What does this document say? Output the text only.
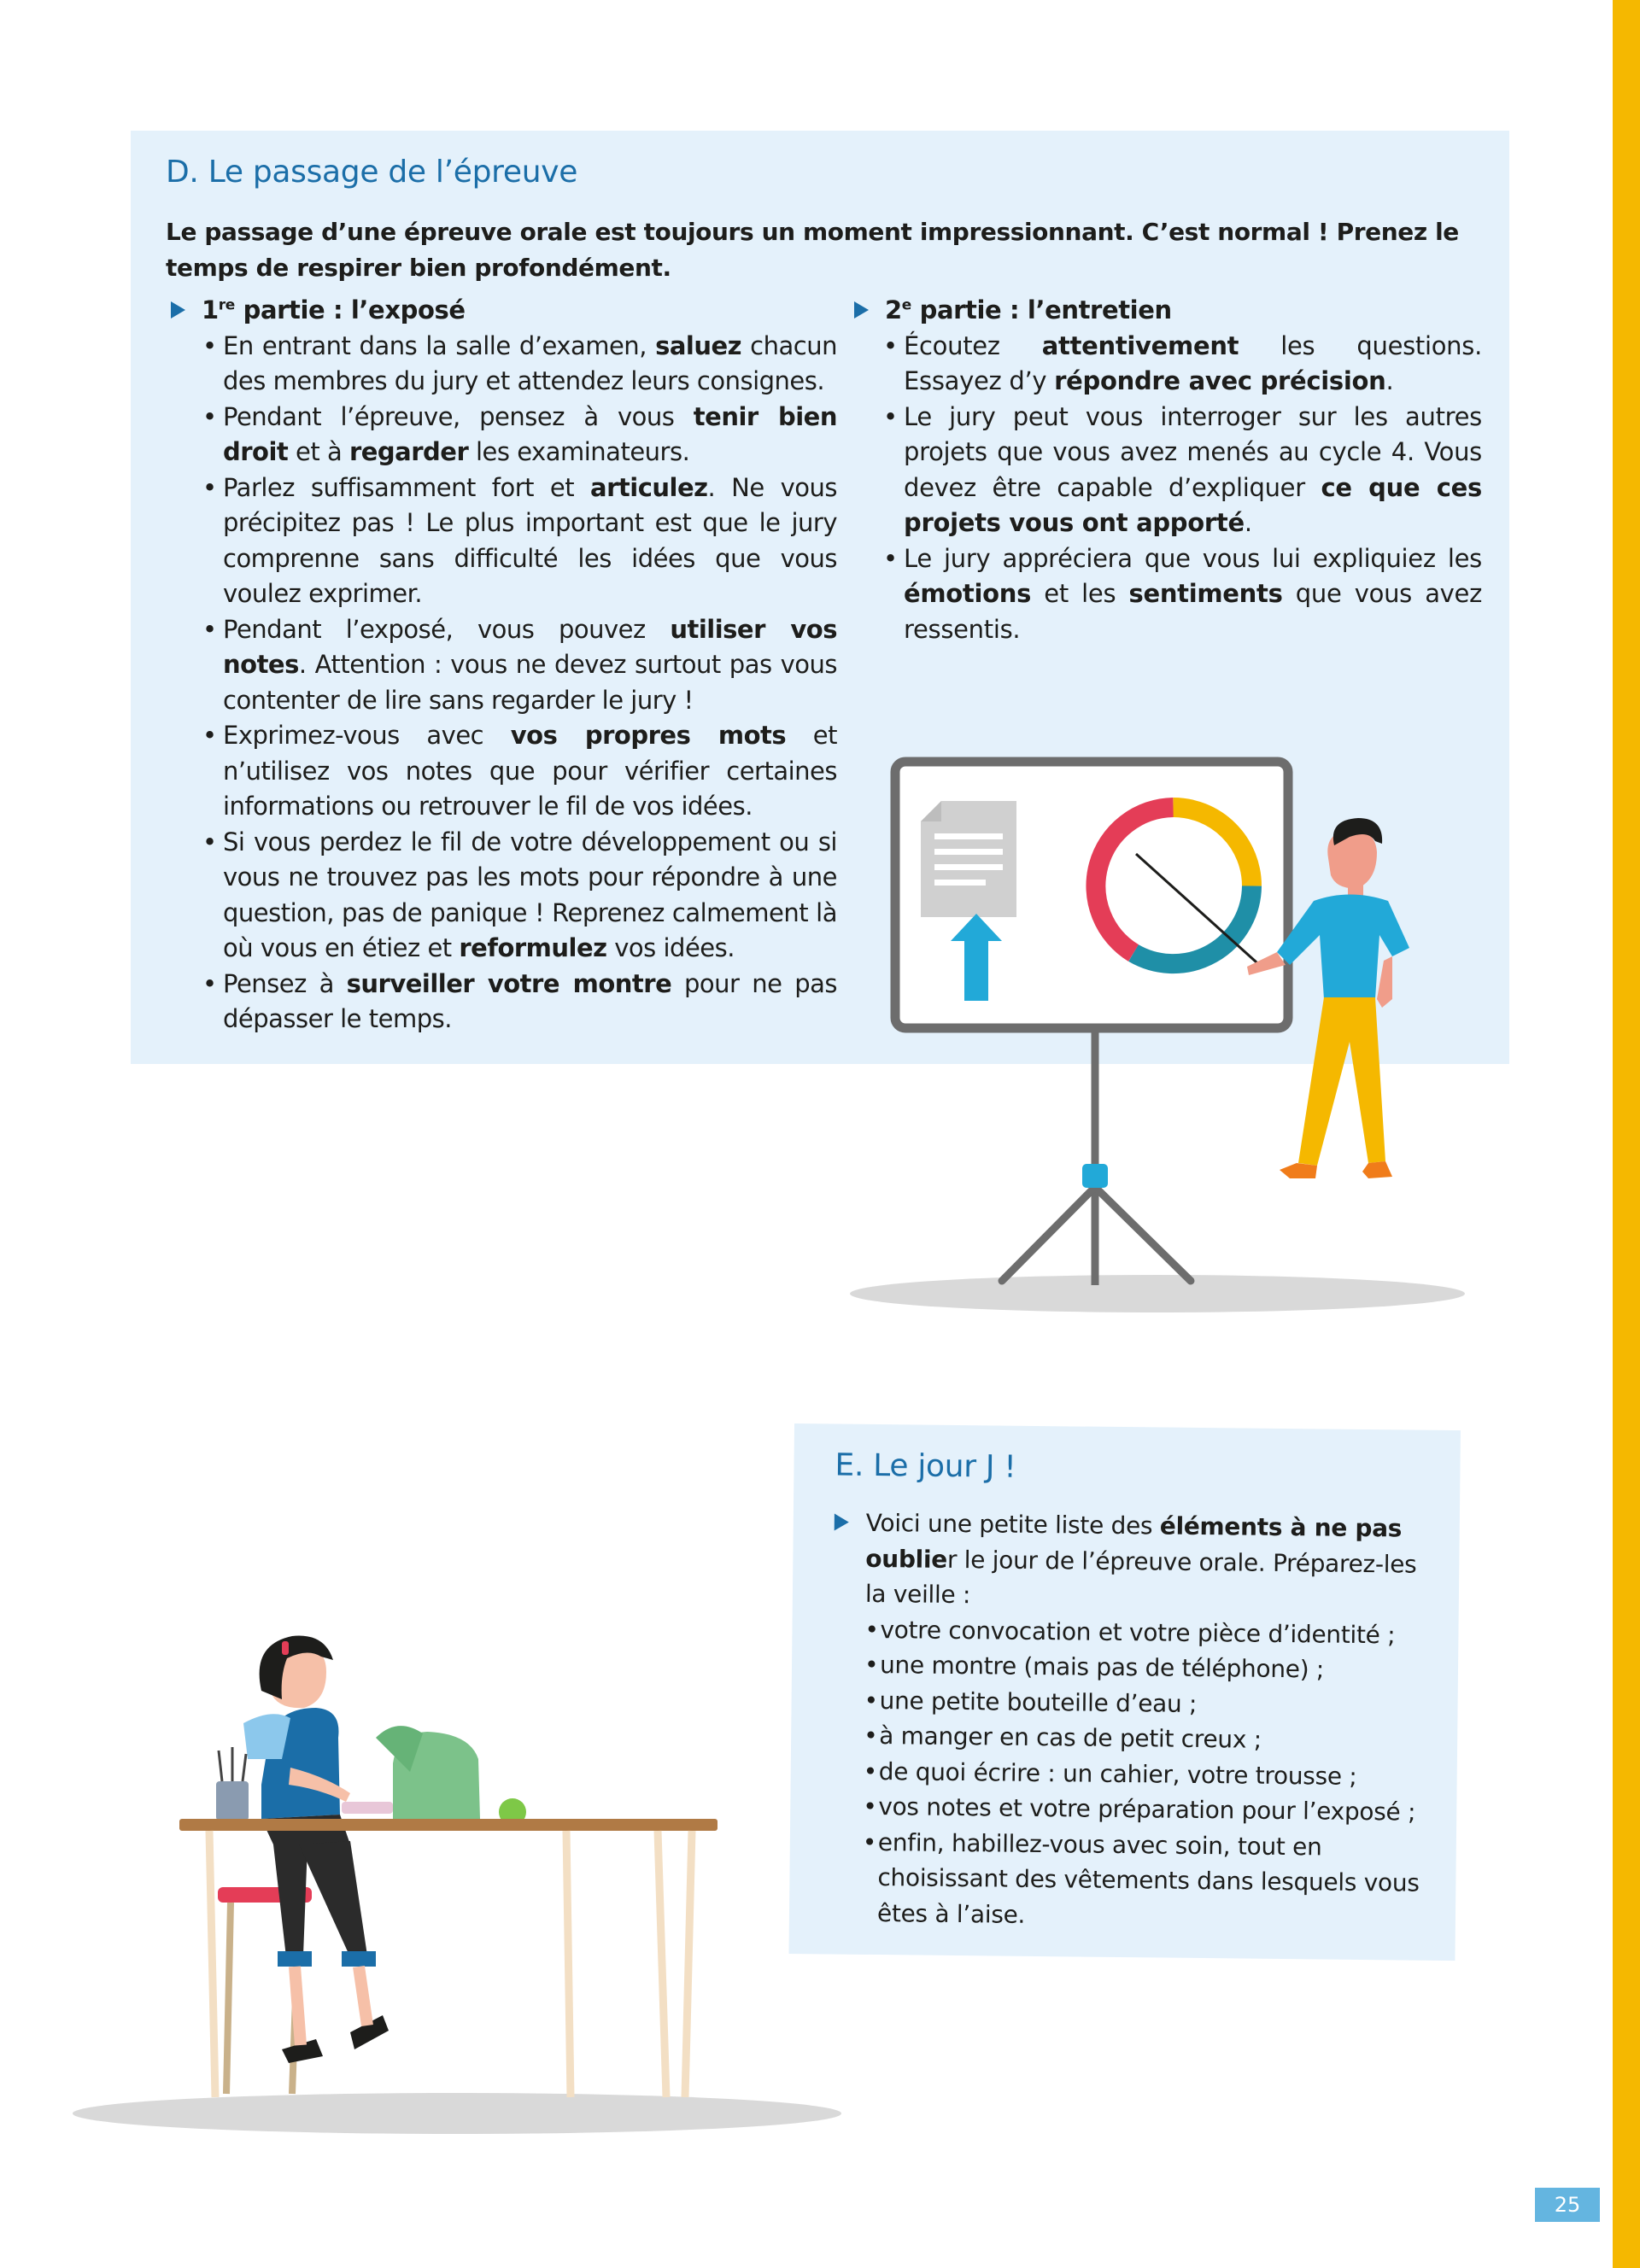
25
D. Le passage de l’épreuve

Le passage d’une épreuve orale est toujours un moment impressionnant. C’est normal ! Prenez le temps de respirer bien profondément.

1re partie : l’exposé
• En entrant dans la salle d’examen, saluez chacun des membres du jury et attendez leurs consignes.
• Pendant l’épreuve, pensez à vous tenir bien droit et à regarder les examinateurs.
• Parlez suffisamment fort et articulez. Ne vous précipitez pas ! Le plus important est que le jury comprenne sans difficulté les idées que vous voulez exprimer.
• Pendant l’exposé, vous pouvez utiliser vos notes. Attention : vous ne devez surtout pas vous contenter de lire sans regarder le jury !
• Exprimez-vous avec vos propres mots et n’utilisez vos notes que pour vérifier certaines informations ou retrouver le fil de vos idées.
• Si vous perdez le fil de votre développement ou si vous ne trouvez pas les mots pour répondre à une question, pas de panique ! Reprenez calmement là où vous en étiez et reformulez vos idées.
• Pensez à surveiller votre montre pour ne pas dépasser le temps.
2e partie : l’entretien
• Écoutez attentivement les questions. Essayez d’y répondre avec précision.
• Le jury peut vous interroger sur les autres projets que vous avez menés au cycle 4. Vous devez être capable d’expliquer ce que ces projets vous ont apporté.
• Le jury appréciera que vous lui expliquiez les émotions et les sentiments que vous avez ressentis.
E. Le jour J !
Voici une petite liste des éléments à ne pas oublier le jour de l’épreuve orale. Préparez-les la veille :
• votre convocation et votre pièce d’identité ;
• une montre (mais pas de téléphone) ;
• une petite bouteille d’eau ;
• à manger en cas de petit creux ;
• de quoi écrire : un cahier, votre trousse ;
• vos notes et votre préparation pour l’exposé ;
• enfin, habillez-vous avec soin, tout en choisissant des vêtements dans lesquels vous êtes à l’aise.
